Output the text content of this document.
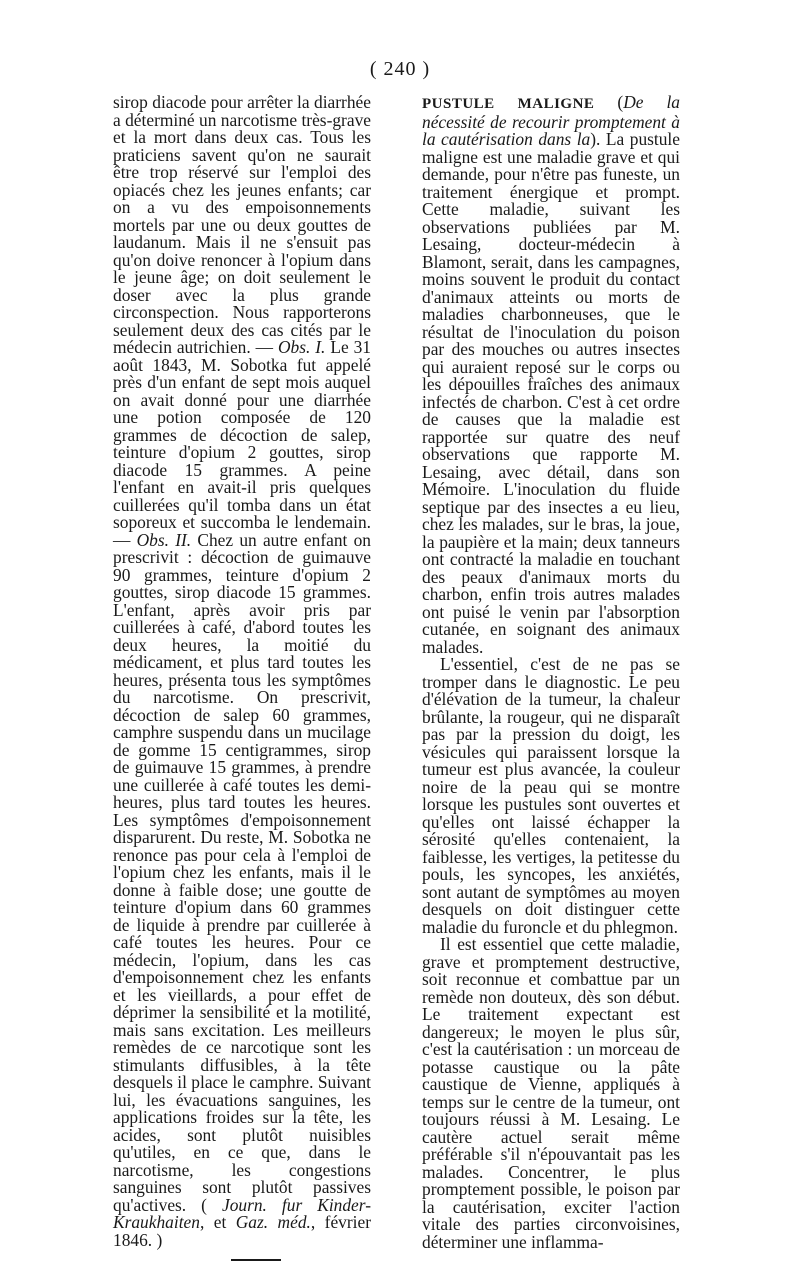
( 240 )

sirop diacode pour arrêter la diarrhée a déterminé un narcotisme très-grave et la mort dans deux cas. Tous les praticiens savent qu'on ne saurait être trop réservé sur l'emploi des opiacés chez les jeunes enfants; car on a vu des empoisonnements mortels par une ou deux gouttes de laudanum. Mais il ne s'ensuit pas qu'on doive renoncer à l'opium dans le jeune âge; on doit seulement le doser avec la plus grande circonspection. Nous rapporterons seulement deux des cas cités par le médecin autrichien. — Obs. I. Le 31 août 1843, M. Sobotka fut appelé près d'un enfant de sept mois auquel on avait donné pour une diarrhée une potion composée de 120 grammes de décoction de salep, teinture d'opium 2 gouttes, sirop diacode 15 grammes. A peine l'enfant en avait-il pris quelques cuillerées qu'il tomba dans un état soporeux et succomba le lendemain. — Obs. II. Chez un autre enfant on prescrivit : décoction de guimauve 90 grammes, teinture d'opium 2 gouttes, sirop diacode 15 grammes. L'enfant, après avoir pris par cuillerées à café, d'abord toutes les deux heures, la moitié du médicament, et plus tard toutes les heures, présenta tous les symptômes du narcotisme. On prescrivit, décoction de salep 60 grammes, camphre suspendu dans un mucilage de gomme 15 centigrammes, sirop de guimauve 15 grammes, à prendre une cuillerée à café toutes les demi-heures, plus tard toutes les heures. Les symptômes d'empoisonnement disparurent. Du reste, M. Sobotka ne renonce pas pour cela à l'emploi de l'opium chez les enfants, mais il le donne à faible dose; une goutte de teinture d'opium dans 60 grammes de liquide à prendre par cuillerée à café toutes les heures. Pour ce médecin, l'opium, dans les cas d'empoisonnement chez les enfants et les vieillards, a pour effet de déprimer la sensibilité et la motilité, mais sans excitation. Les meilleurs remèdes de ce narcotique sont les stimulants diffusibles, à la tête desquels il place le camphre. Suivant lui, les évacuations sanguines, les applications froides sur la tête, les acides, sont plutôt nuisibles qu'utiles, en ce que, dans le narcotisme, les congestions sanguines sont plutôt passives qu'actives. ( Journ. fur Kinder-Kraukhaiten, et Gaz. méd., février 1846. )

PUSTULE MALIGNE (De la nécessité de recourir promptement à la cautérisation dans la). La pustule maligne est une maladie grave et qui demande, pour n'être pas funeste, un traitement énergique et prompt. Cette maladie, suivant les observations publiées par M. Lesaing, docteur-médecin à Blamont, serait, dans les campagnes, moins souvent le produit du contact d'animaux atteints ou morts de maladies charbonneuses, que le résultat de l'inoculation du poison par des mouches ou autres insectes qui auraient reposé sur le corps ou les dépouilles fraîches des animaux infectés de charbon. C'est à cet ordre de causes que la maladie est rapportée sur quatre des neuf observations que rapporte M. Lesaing, avec détail, dans son Mémoire. L'inoculation du fluide septique par des insectes a eu lieu, chez les malades, sur le bras, la joue, la paupière et la main; deux tanneurs ont contracté la maladie en touchant des peaux d'animaux morts du charbon, enfin trois autres malades ont puisé le venin par l'absorption cutanée, en soignant des animaux malades.

L'essentiel, c'est de ne pas se tromper dans le diagnostic. Le peu d'élévation de la tumeur, la chaleur brûlante, la rougeur, qui ne disparaît pas par la pression du doigt, les vésicules qui paraissent lorsque la tumeur est plus avancée, la couleur noire de la peau qui se montre lorsque les pustules sont ouvertes et qu'elles ont laissé échapper la sérosité qu'elles contenaient, la faiblesse, les vertiges, la petitesse du pouls, les syncopes, les anxiétés, sont autant de symptômes au moyen desquels on doit distinguer cette maladie du furoncle et du phlegmon.

Il est essentiel que cette maladie, grave et promptement destructive, soit reconnue et combattue par un remède non douteux, dès son début. Le traitement expectant est dangereux; le moyen le plus sûr, c'est la cautérisation : un morceau de potasse caustique ou la pâte caustique de Vienne, appliqués à temps sur le centre de la tumeur, ont toujours réussi à M. Lesaing. Le cautère actuel serait même préférable s'il n'épouvantait pas les malades. Concentrer, le plus promptement possible, le poison par la cautérisation, exciter l'action vitale des parties circonvoisines, déterminer une inflamma-
